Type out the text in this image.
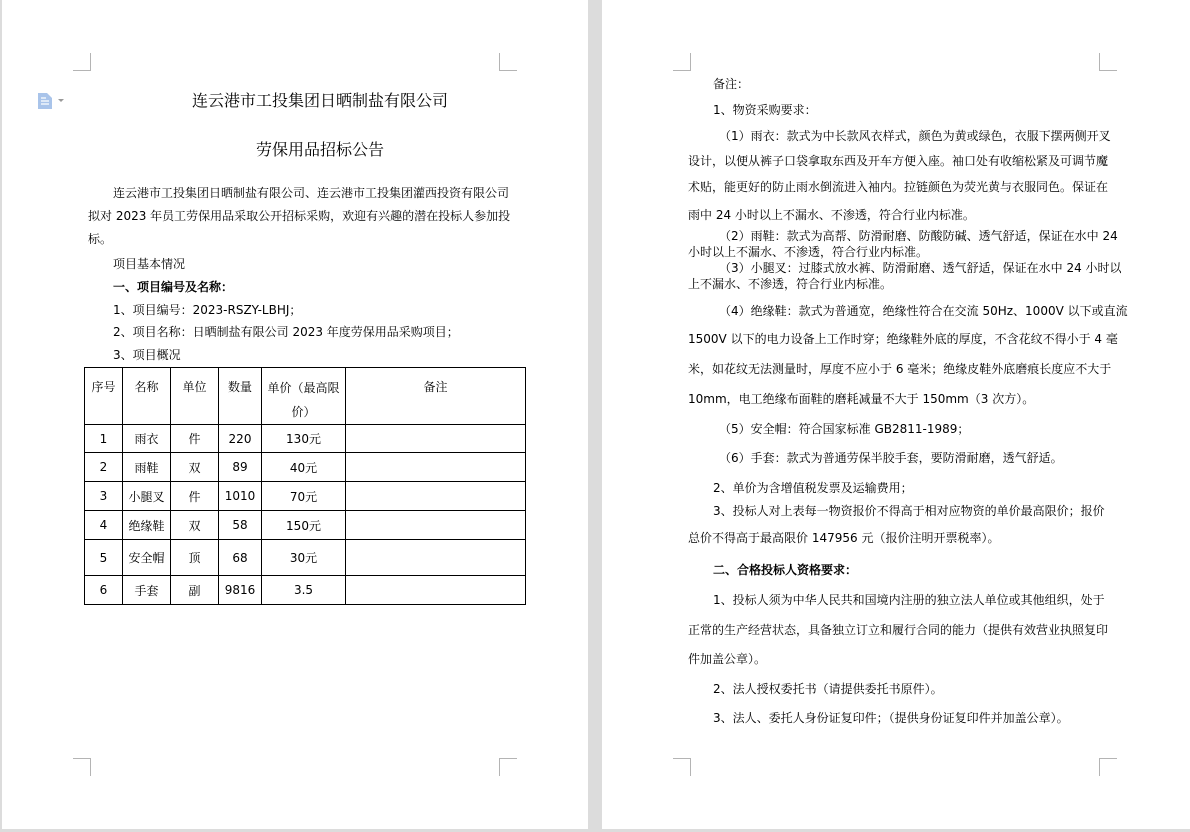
连云港市工投集团日晒制盐有限公司
劳保用品招标公告
连云港市工投集团日晒制盐有限公司、连云港市工投集团灌西投资有限公司
拟对 2023 年员工劳保用品采取公开招标采购，欢迎有兴趣的潜在投标人参加投
标。
项目基本情况
一、项目编号及名称：
1、项目编号：2023-RSZY-LBHJ；
2、项目名称：日晒制盐有限公司 2023 年度劳保用品采购项目；
3、项目概况
序号	名称	单位	数量	单价（最高限价）	备注
1	雨衣	件	220	130元	
2	雨鞋	双	89	40元	
3	小腿叉	件	1010	70元	
4	绝缘鞋	双	58	150元	
5	安全帽	顶	68	30元	
6	手套	副	9816	3.5	
备注：
1、物资采购要求：
（1）雨衣：款式为中长款风衣样式，颜色为黄或绿色，衣服下摆两侧开叉
设计，以便从裤子口袋拿取东西及开车方便入座。袖口处有收缩松紧及可调节魔
术贴，能更好的防止雨水倒流进入袖内。拉链颜色为荧光黄与衣服同色。保证在
雨中 24 小时以上不漏水、不渗透，符合行业内标准。
（2）雨鞋：款式为高帮、防滑耐磨、防酸防碱、透气舒适，保证在水中 24
小时以上不漏水、不渗透，符合行业内标准。
（3）小腿叉：过膝式放水裤、防滑耐磨、透气舒适，保证在水中 24 小时以
上不漏水、不渗透，符合行业内标准。
（4）绝缘鞋：款式为普通宽，绝缘性符合在交流 50Hz、1000V 以下或直流
1500V 以下的电力设备上工作时穿；绝缘鞋外底的厚度，不含花纹不得小于 4 毫
米，如花纹无法测量时，厚度不应小于 6 毫米；绝缘皮鞋外底磨痕长度应不大于
10mm，电工绝缘布面鞋的磨耗减量不大于 150mm（3 次方）。
（5）安全帽：符合国家标准 GB2811-1989；
（6）手套：款式为普通劳保半胶手套，要防滑耐磨，透气舒适。
2、单价为含增值税发票及运输费用；
3、投标人对上表每一物资报价不得高于相对应物资的单价最高限价；报价
总价不得高于最高限价 147956 元（报价注明开票税率）。
二、合格投标人资格要求：
1、投标人须为中华人民共和国境内注册的独立法人单位或其他组织，处于
正常的生产经营状态，具备独立订立和履行合同的能力（提供有效营业执照复印
件加盖公章）。
2、法人授权委托书（请提供委托书原件）。
3、法人、委托人身份证复印件；（提供身份证复印件并加盖公章）。
